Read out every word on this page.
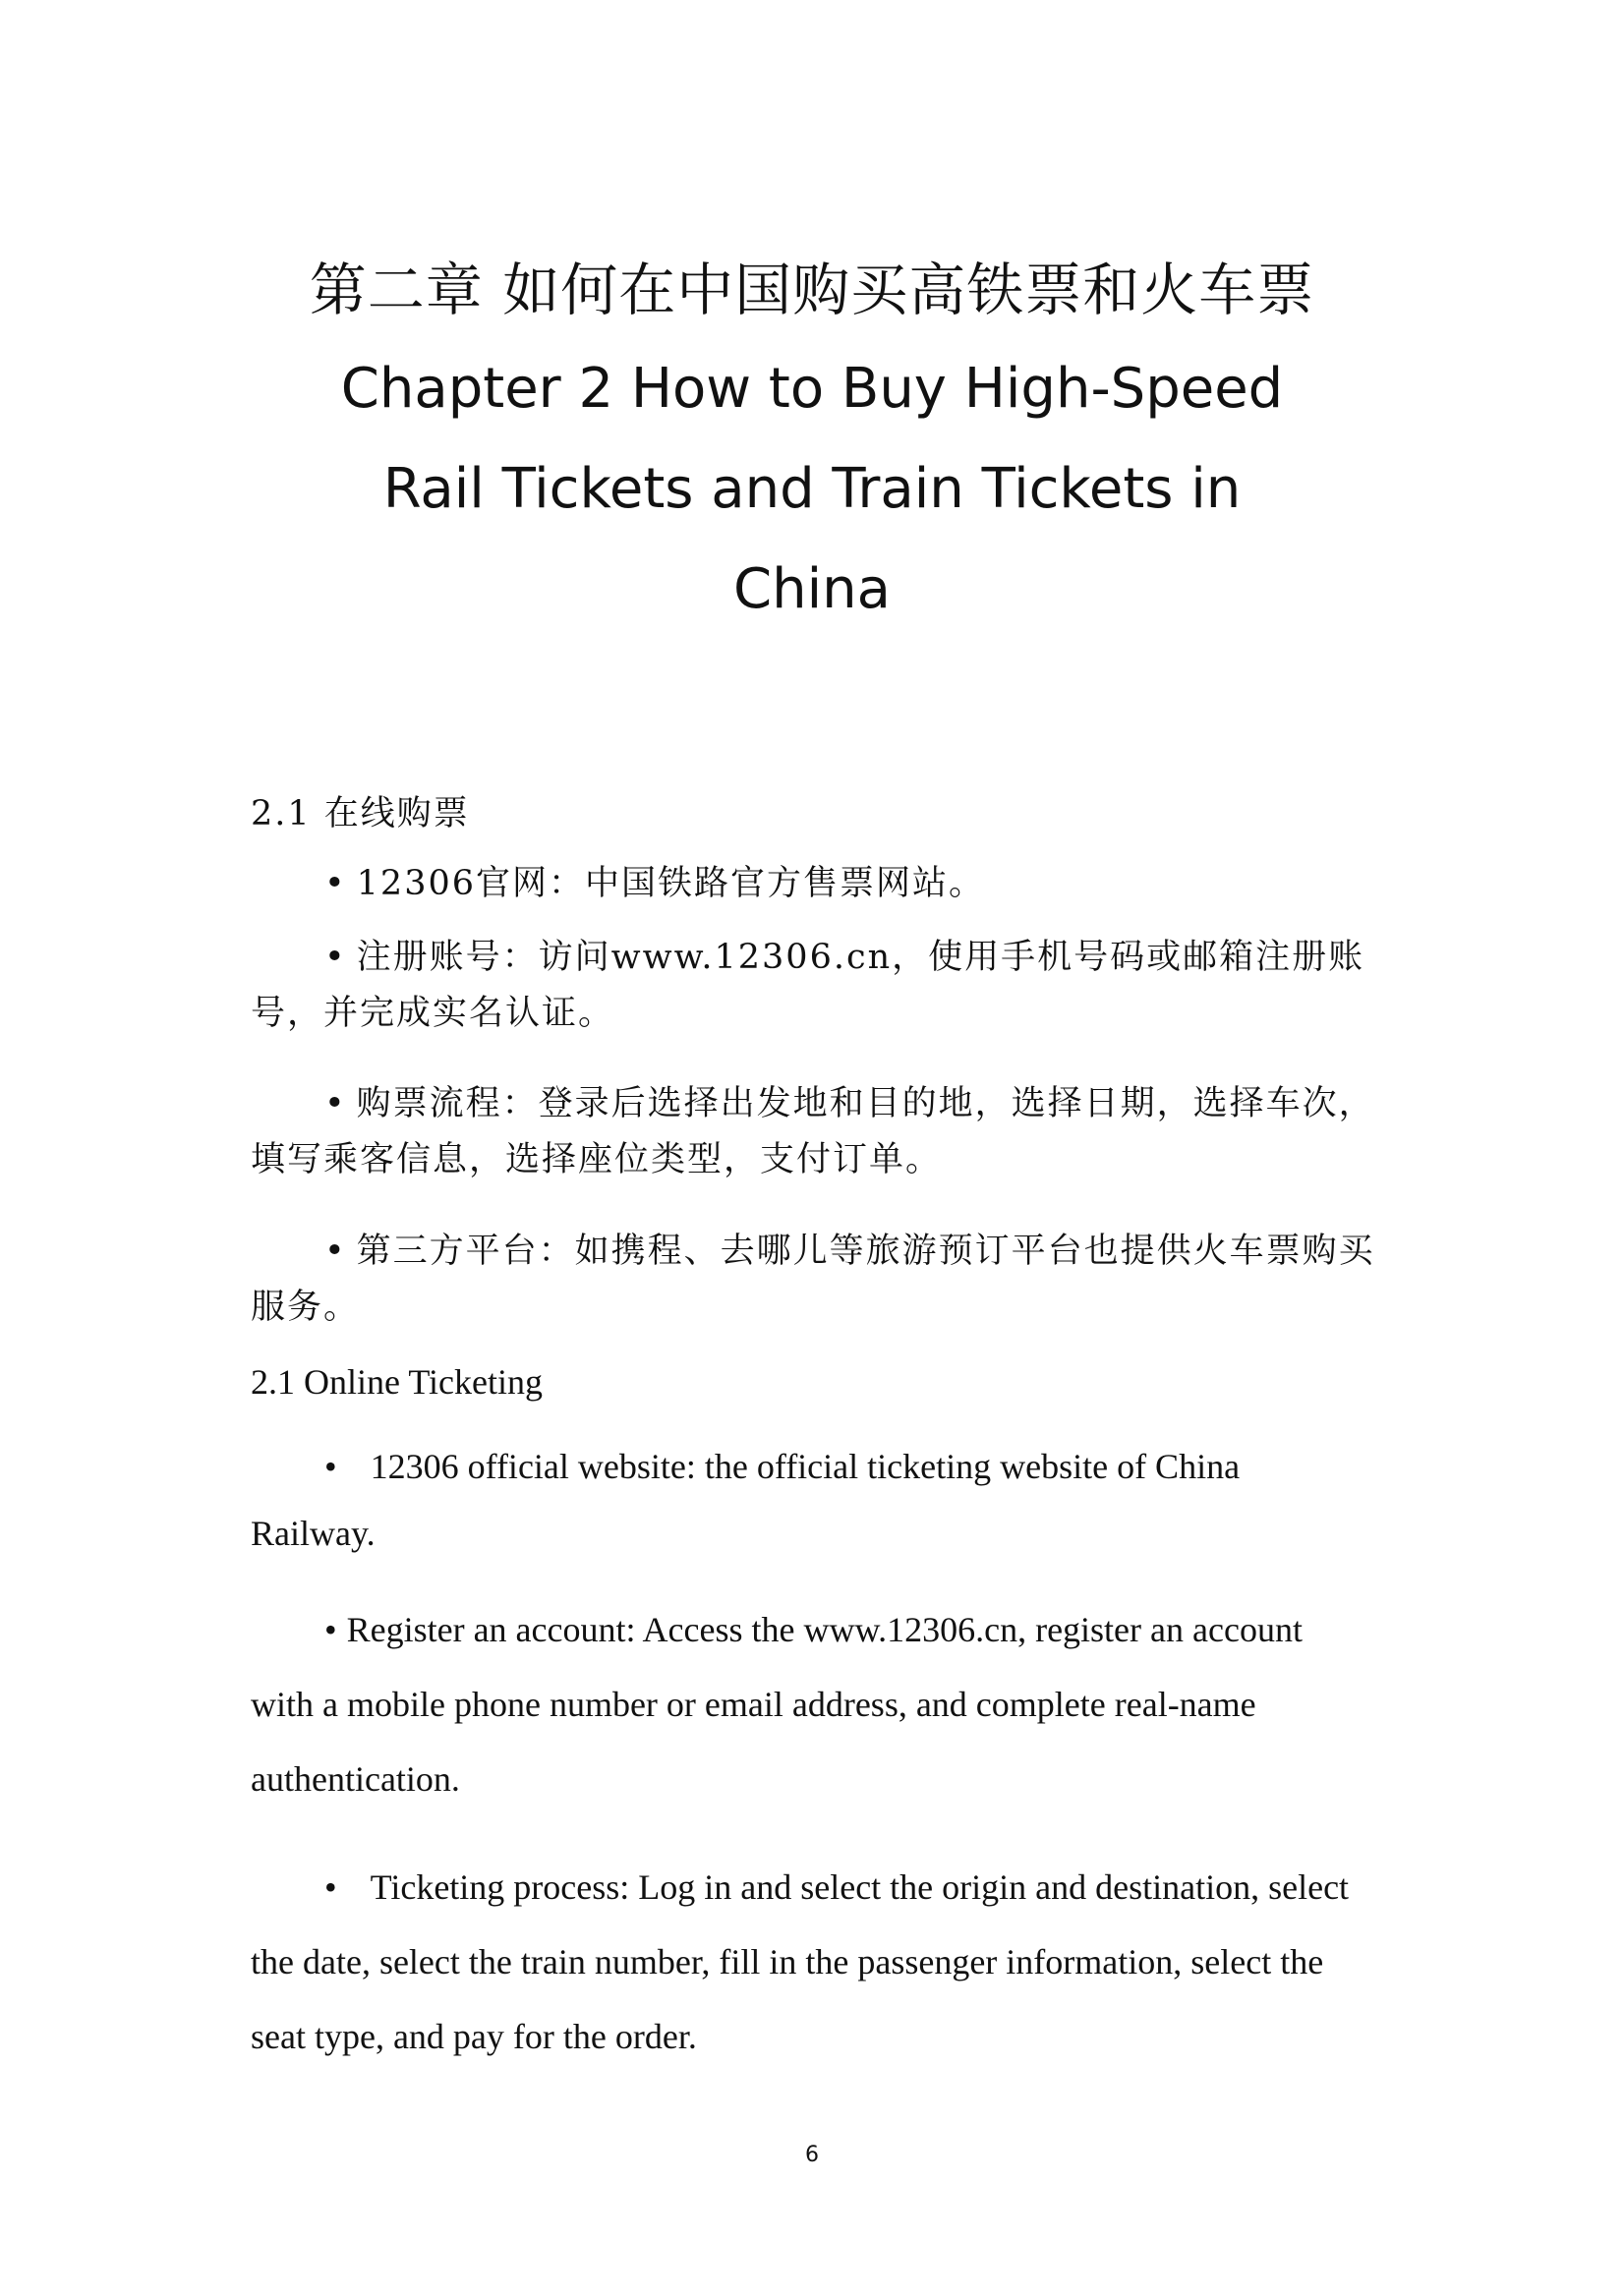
第二章 如何在中国购买高铁票和火车票
Chapter 2 How to Buy High-Speed
Rail Tickets and Train Tickets in
China

2.1 在线购票

• 12306官网：中国铁路官方售票网站。

• 注册账号：访问www.12306.cn，使用手机号码或邮箱注册账号，并完成实名认证。

• 购票流程：登录后选择出发地和目的地，选择日期，选择车次，填写乘客信息，选择座位类型，支付订单。

• 第三方平台：如携程、去哪儿等旅游预订平台也提供火车票购买服务。

2.1 Online Ticketing

• 12306 official website: the official ticketing website of China Railway.

• Register an account: Access the www.12306.cn, register an account with a mobile phone number or email address, and complete real-name authentication.

• Ticketing process: Log in and select the origin and destination, select the date, select the train number, fill in the passenger information, select the seat type, and pay for the order.

6
